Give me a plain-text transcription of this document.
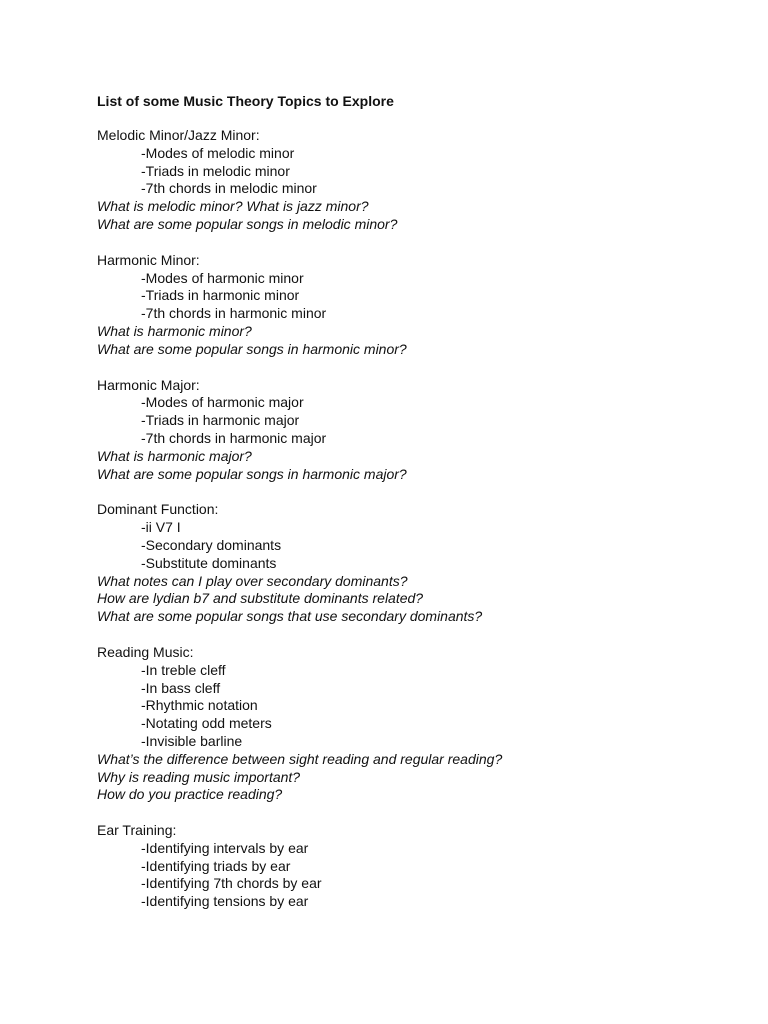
List of some Music Theory Topics to Explore
Melodic Minor/Jazz Minor:
-Modes of melodic minor
-Triads in melodic minor
-7th chords in melodic minor
What is melodic minor? What is jazz minor?
What are some popular songs in melodic minor?
Harmonic Minor:
-Modes of harmonic minor
-Triads in harmonic minor
-7th chords in harmonic minor
What is harmonic minor?
What are some popular songs in harmonic minor?
Harmonic Major:
-Modes of harmonic major
-Triads in harmonic major
-7th chords in harmonic major
What is harmonic major?
What are some popular songs in harmonic major?
Dominant Function:
-ii V7 I
-Secondary dominants
-Substitute dominants
What notes can I play over secondary dominants?
How are lydian b7 and substitute dominants related?
What are some popular songs that use secondary dominants?
Reading Music:
-In treble cleff
-In bass cleff
-Rhythmic notation
-Notating odd meters
-Invisible barline
What’s the difference between sight reading and regular reading?
Why is reading music important?
How do you practice reading?
Ear Training:
-Identifying intervals by ear
-Identifying triads by ear
-Identifying 7th chords by ear
-Identifying tensions by ear
